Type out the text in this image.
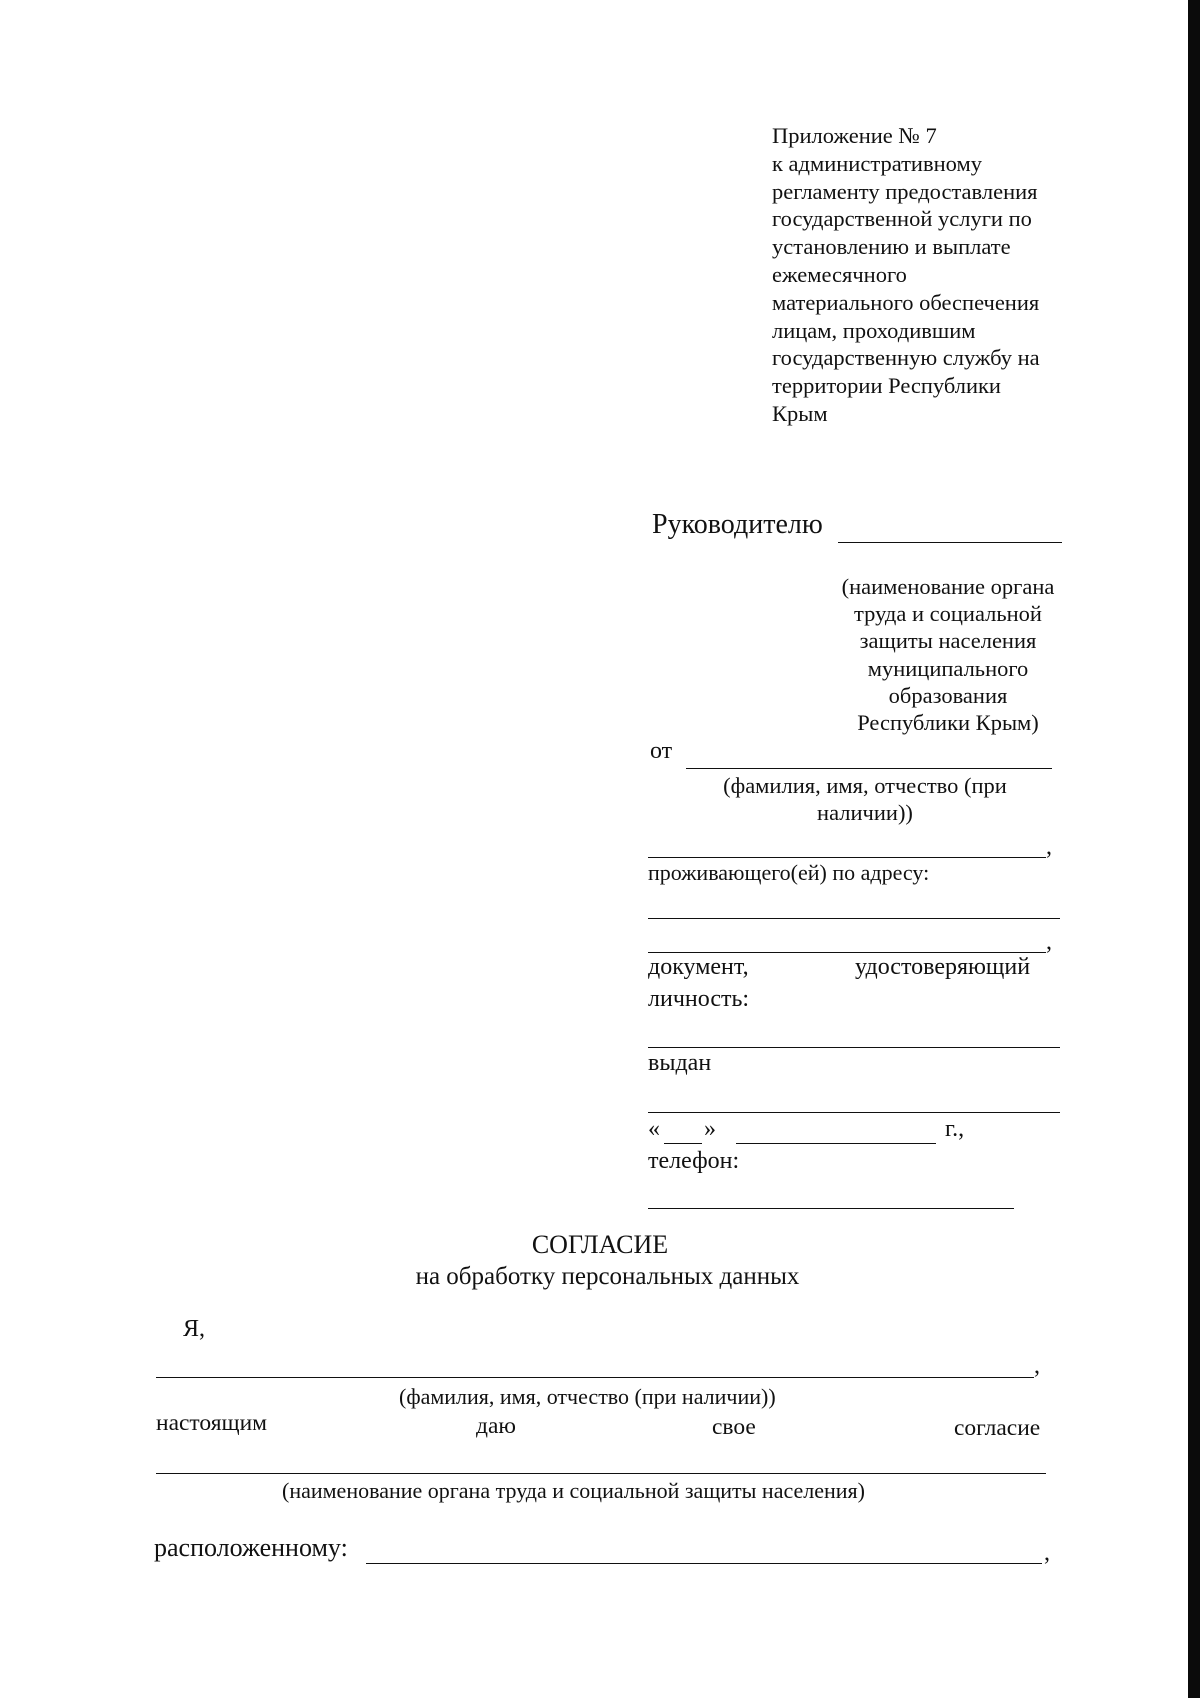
Приложение № 7
к административному
регламенту предоставления
государственной услуги по
установлению и выплате
ежемесячного
материального обеспечения
лицам, проходившим
государственную службу на
территории Республики
Крым
Руководителю
(наименование органа
труда и социальной
защиты населения
муниципального
образования
Республики Крым)
от
(фамилия, имя, отчество (при
наличии))
,
проживающего(ей) по адресу:
,
документ,	удостоверяющий
личность:
выдан
« »	г.,
телефон:
СОГЛАСИЕ
на обработку персональных данных
Я,
,
(фамилия, имя, отчество (при наличии))
настоящим	даю	свое	согласие
(наименование органа труда и социальной защиты населения)
расположенному:	,
